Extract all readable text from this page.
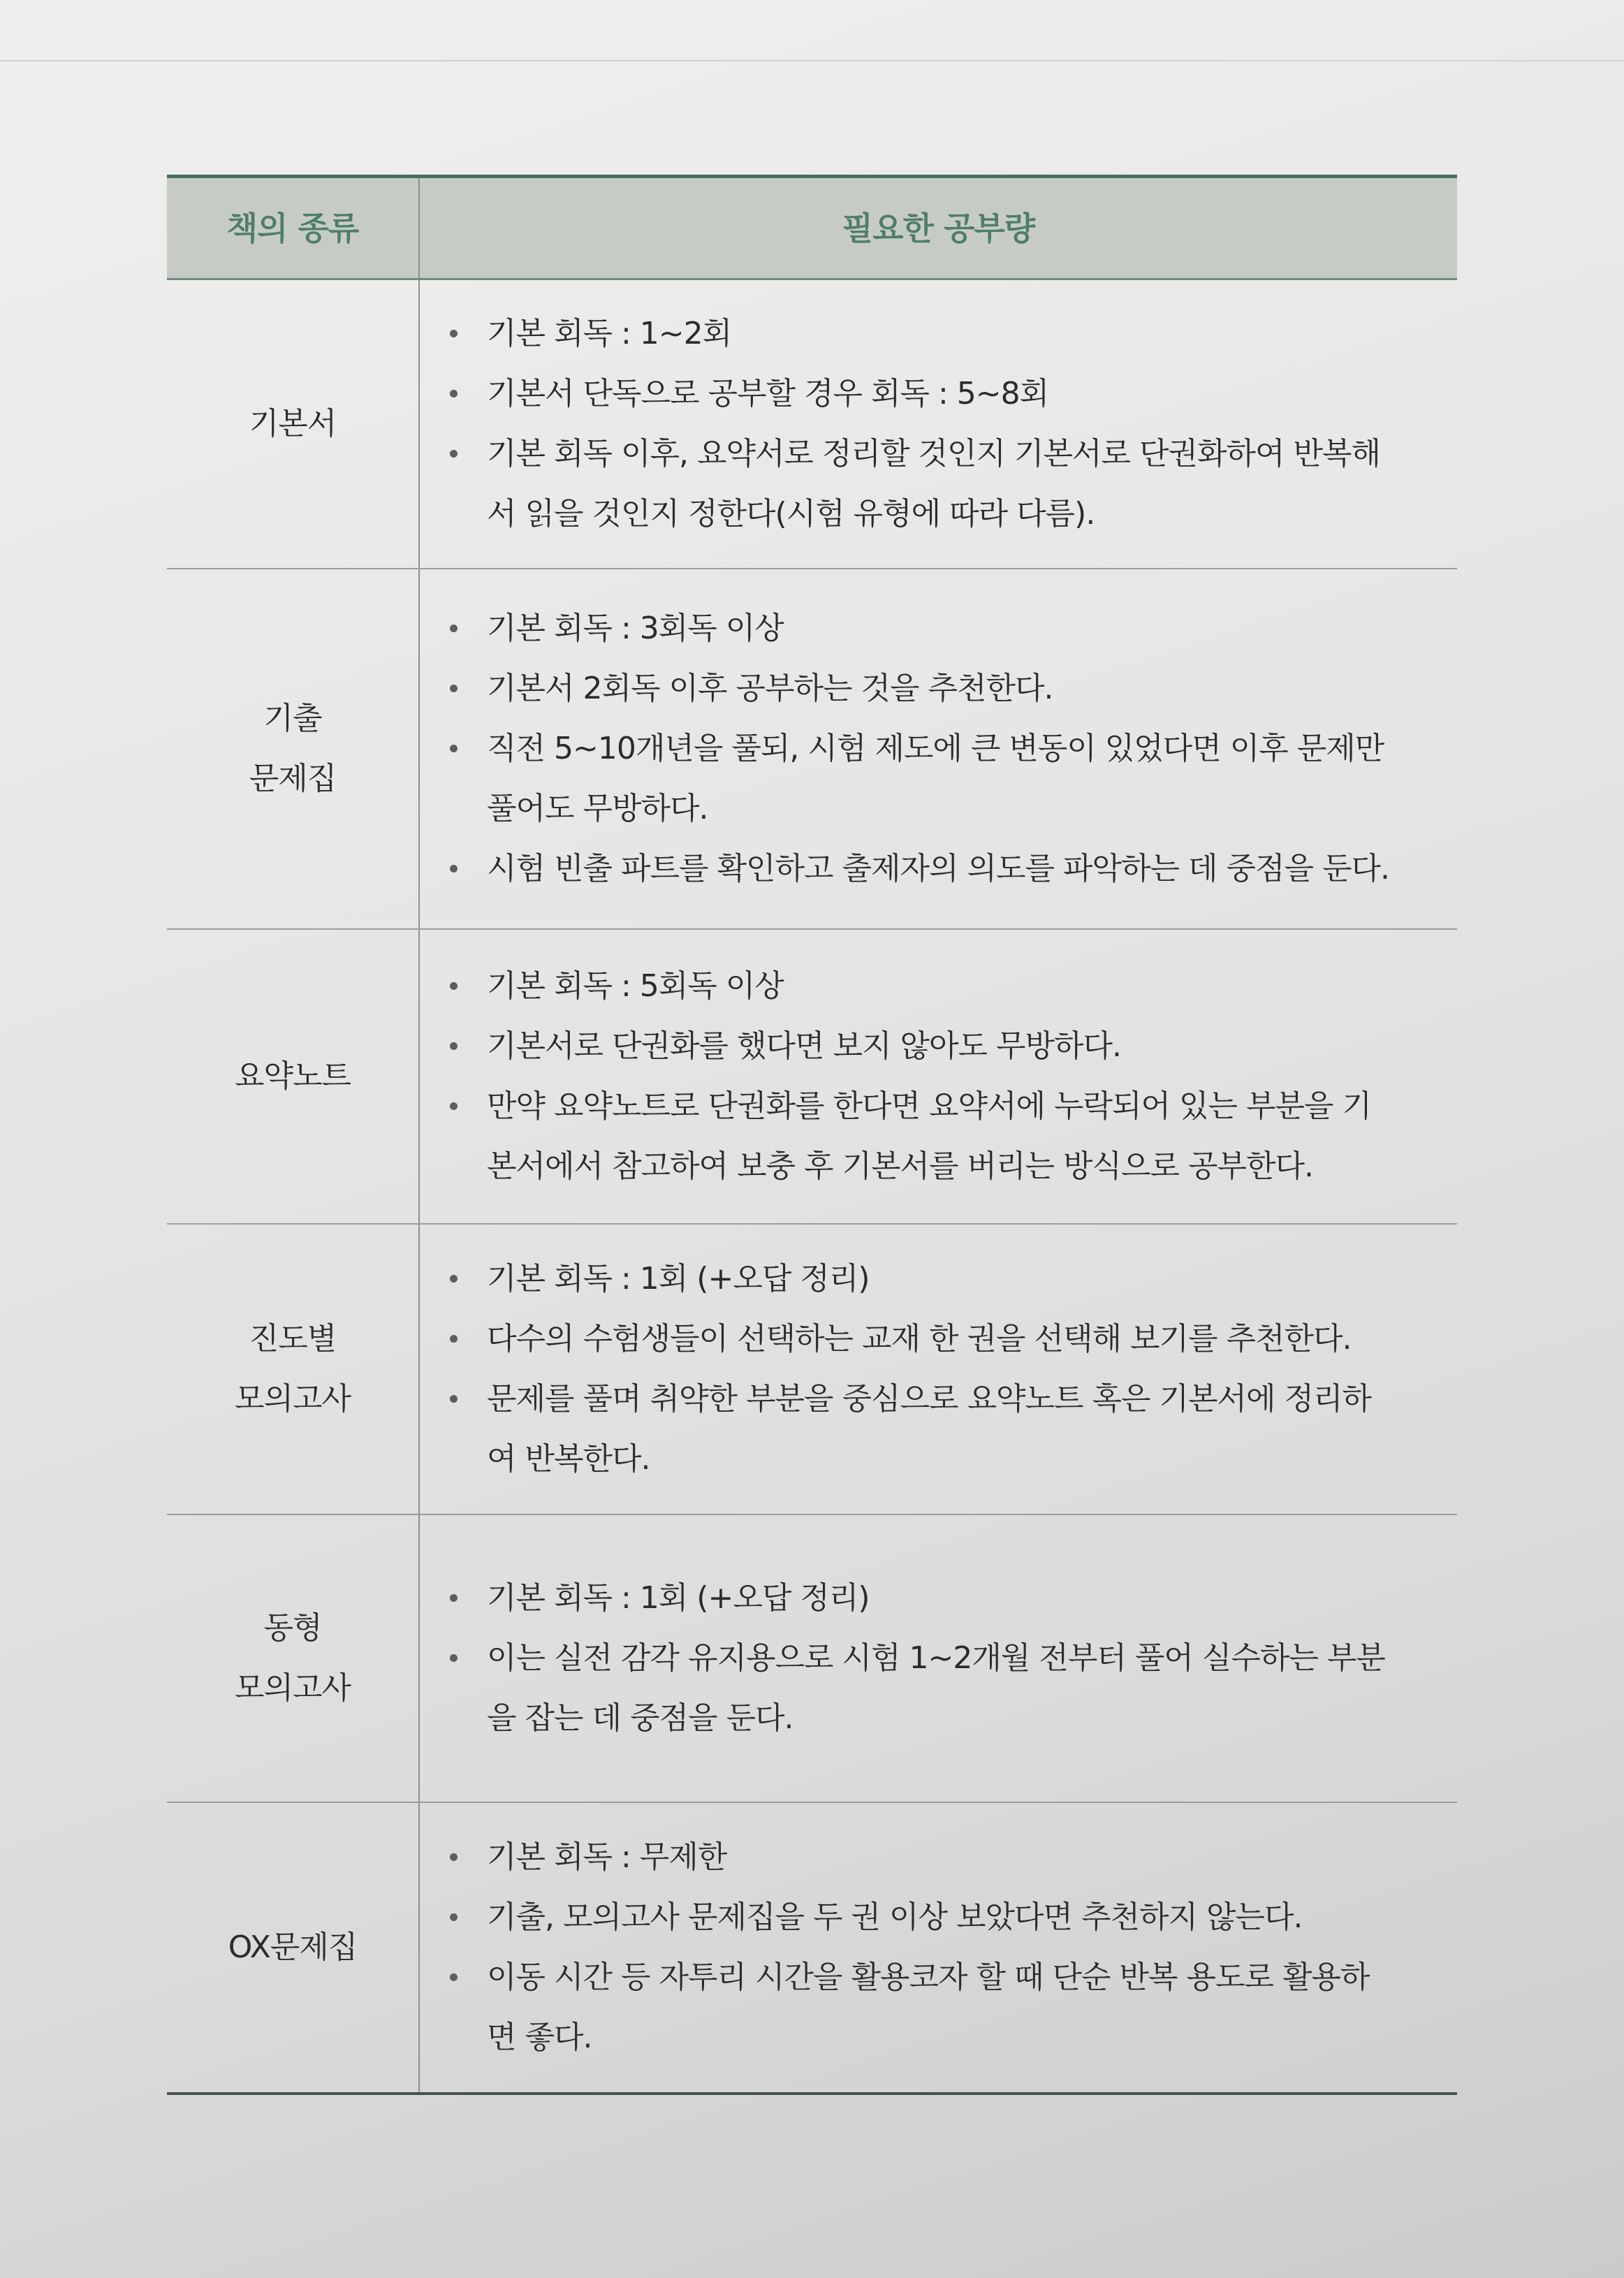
책의 종류	필요한 공부량
기본서
기본 회독 : 1~2회
기본서 단독으로 공부할 경우 회독 : 5~8회
기본 회독 이후, 요약서로 정리할 것인지 기본서로 단권화하여 반복해
서 읽을 것인지 정한다(시험 유형에 따라 다름).
기출
문제집
기본 회독 : 3회독 이상
기본서 2회독 이후 공부하는 것을 추천한다.
직전 5~10개년을 풀되, 시험 제도에 큰 변동이 있었다면 이후 문제만
풀어도 무방하다.
시험 빈출 파트를 확인하고 출제자의 의도를 파악하는 데 중점을 둔다.
요약노트
기본 회독 : 5회독 이상
기본서로 단권화를 했다면 보지 않아도 무방하다.
만약 요약노트로 단권화를 한다면 요약서에 누락되어 있는 부분을 기
본서에서 참고하여 보충 후 기본서를 버리는 방식으로 공부한다.
진도별
모의고사
기본 회독 : 1회 (+오답 정리)
다수의 수험생들이 선택하는 교재 한 권을 선택해 보기를 추천한다.
문제를 풀며 취약한 부분을 중심으로 요약노트 혹은 기본서에 정리하
여 반복한다.
동형
모의고사
기본 회독 : 1회 (+오답 정리)
이는 실전 감각 유지용으로 시험 1~2개월 전부터 풀어 실수하는 부분
을 잡는 데 중점을 둔다.
OX문제집
기본 회독 : 무제한
기출, 모의고사 문제집을 두 권 이상 보았다면 추천하지 않는다.
이동 시간 등 자투리 시간을 활용코자 할 때 단순 반복 용도로 활용하
면 좋다.
